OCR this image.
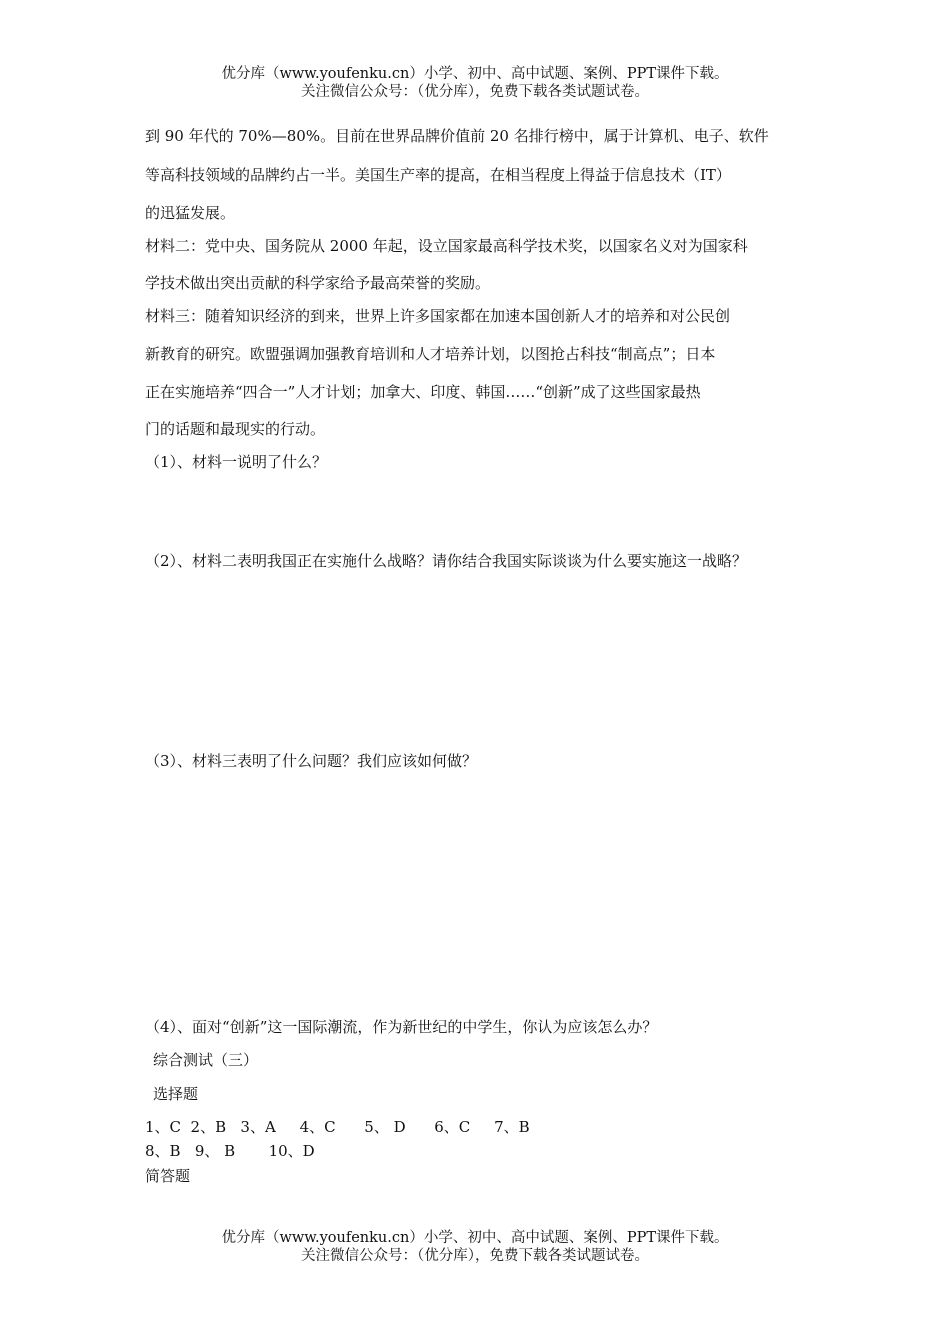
优分库（www.youfenku.cn）小学、初中、高中试题、案例、PPT课件下载。
关注微信公众号：（优分库），免费下载各类试题试卷。
到 90 年代的 70%—80%。目前在世界品牌价值前 20 名排行榜中，属于计算机、电子、软件
等高科技领域的品牌约占一半。美国生产率的提高，在相当程度上得益于信息技术（IT）
的迅猛发展。
材料二：党中央、国务院从 2000 年起，设立国家最高科学技术奖，以国家名义对为国家科
学技术做出突出贡献的科学家给予最高荣誉的奖励。
材料三：随着知识经济的到来，世界上许多国家都在加速本国创新人才的培养和对公民创
新教育的研究。欧盟强调加强教育培训和人才培养计划，以图抢占科技“制高点”；日本
正在实施培养“四合一”人才计划；加拿大、印度、韩国……“创新”成了这些国家最热
门的话题和最现实的行动。
（1）、材料一说明了什么？
（2）、材料二表明我国正在实施什么战略？请你结合我国实际谈谈为什么要实施这一战略？
（3）、材料三表明了什么问题？我们应该如何做？
（4）、面对“创新”这一国际潮流，作为新世纪的中学生，你认为应该怎么办？
综合测试（三）
选择题
1、C  2、B   3、A     4、C      5、 D      6、C     7、B
8、B   9、 B       10、D
简答题
优分库（www.youfenku.cn）小学、初中、高中试题、案例、PPT课件下载。
关注微信公众号：（优分库），免费下载各类试题试卷。
